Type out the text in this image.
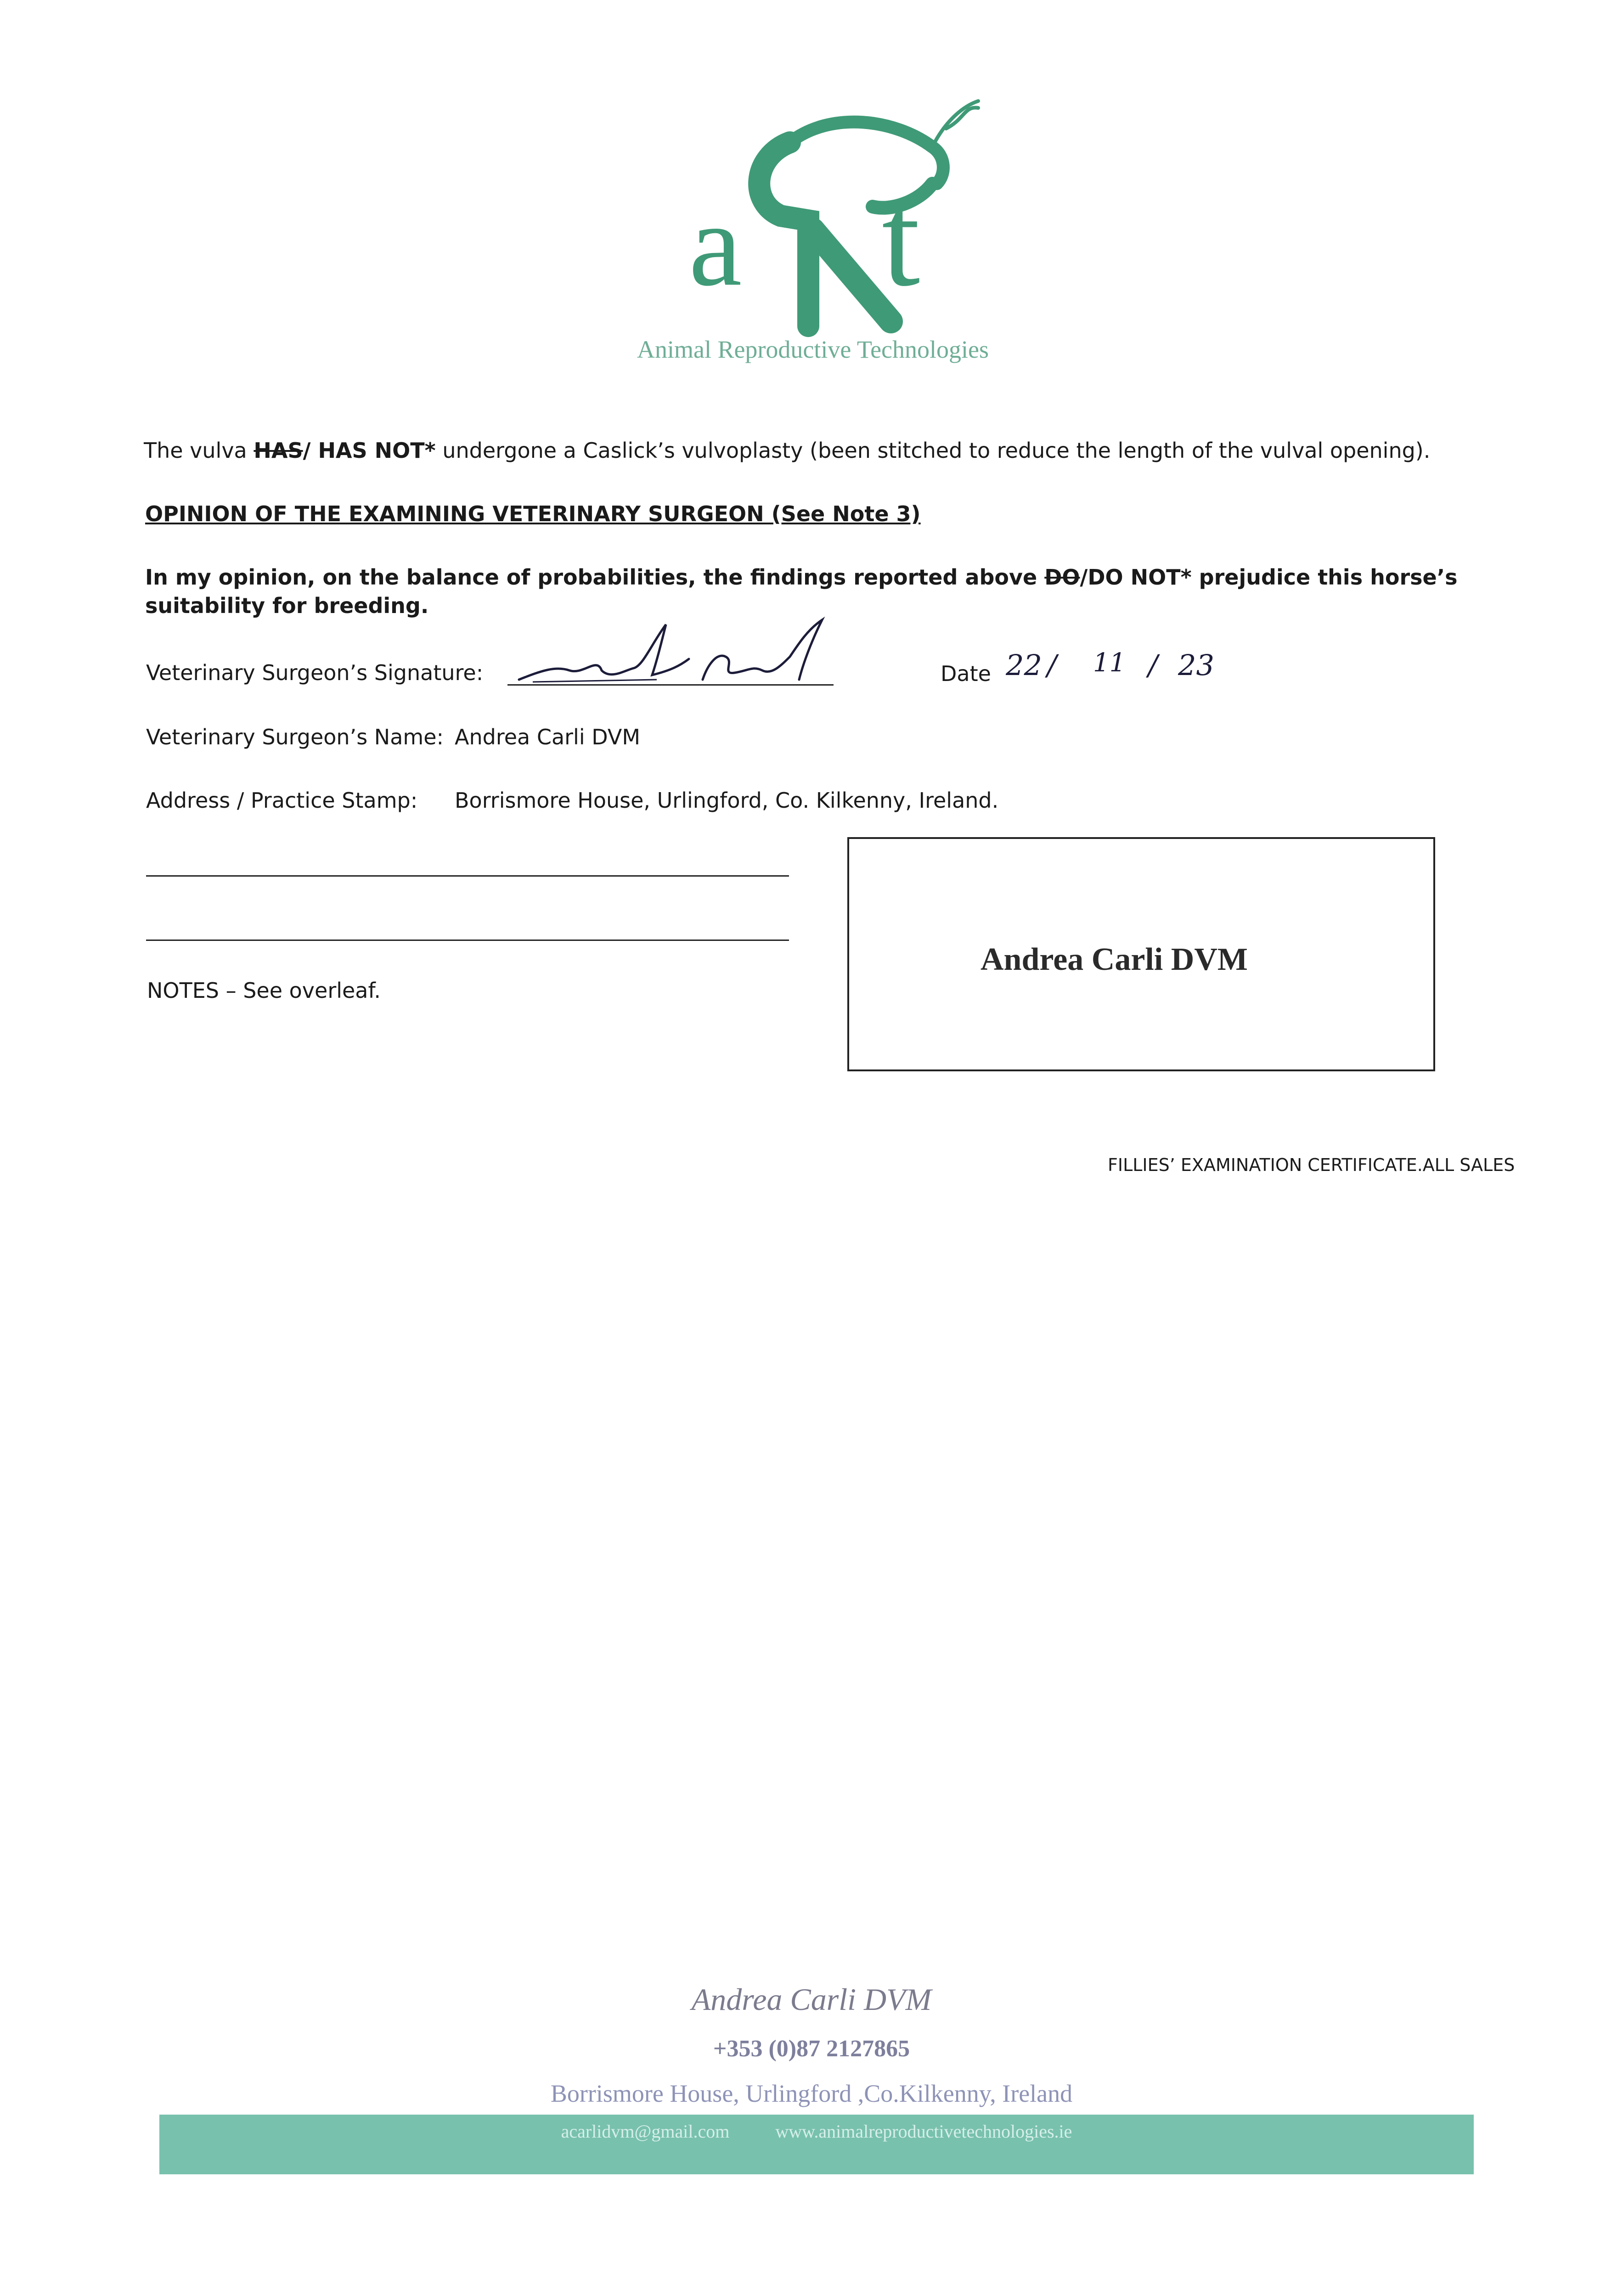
a t
Animal Reproductive Technologies
The vulva HAS/ HAS NOT* undergone a Caslick’s vulvoplasty (been stitched to reduce the length of the vulval opening).
OPINION OF THE EXAMINING VETERINARY SURGEON (See Note 3)
In my opinion, on the balance of probabilities, the findings reported above DO/DO NOT* prejudice this horse’s suitability for breeding.
Veterinary Surgeon’s Signature:	Date 22 / 11 / 23
Veterinary Surgeon’s Name: Andrea Carli DVM
Address / Practice Stamp: Borrismore House, Urlingford, Co. Kilkenny, Ireland.
NOTES – See overleaf.
Andrea Carli DVM
FILLIES’ EXAMINATION CERTIFICATE.ALL SALES
Andrea Carli DVM
+353 (0)87 2127865
Borrismore House, Urlingford ,Co.Kilkenny, Ireland
acarlidvm@gmail.com	www.animalreproductivetechnologies.ie
